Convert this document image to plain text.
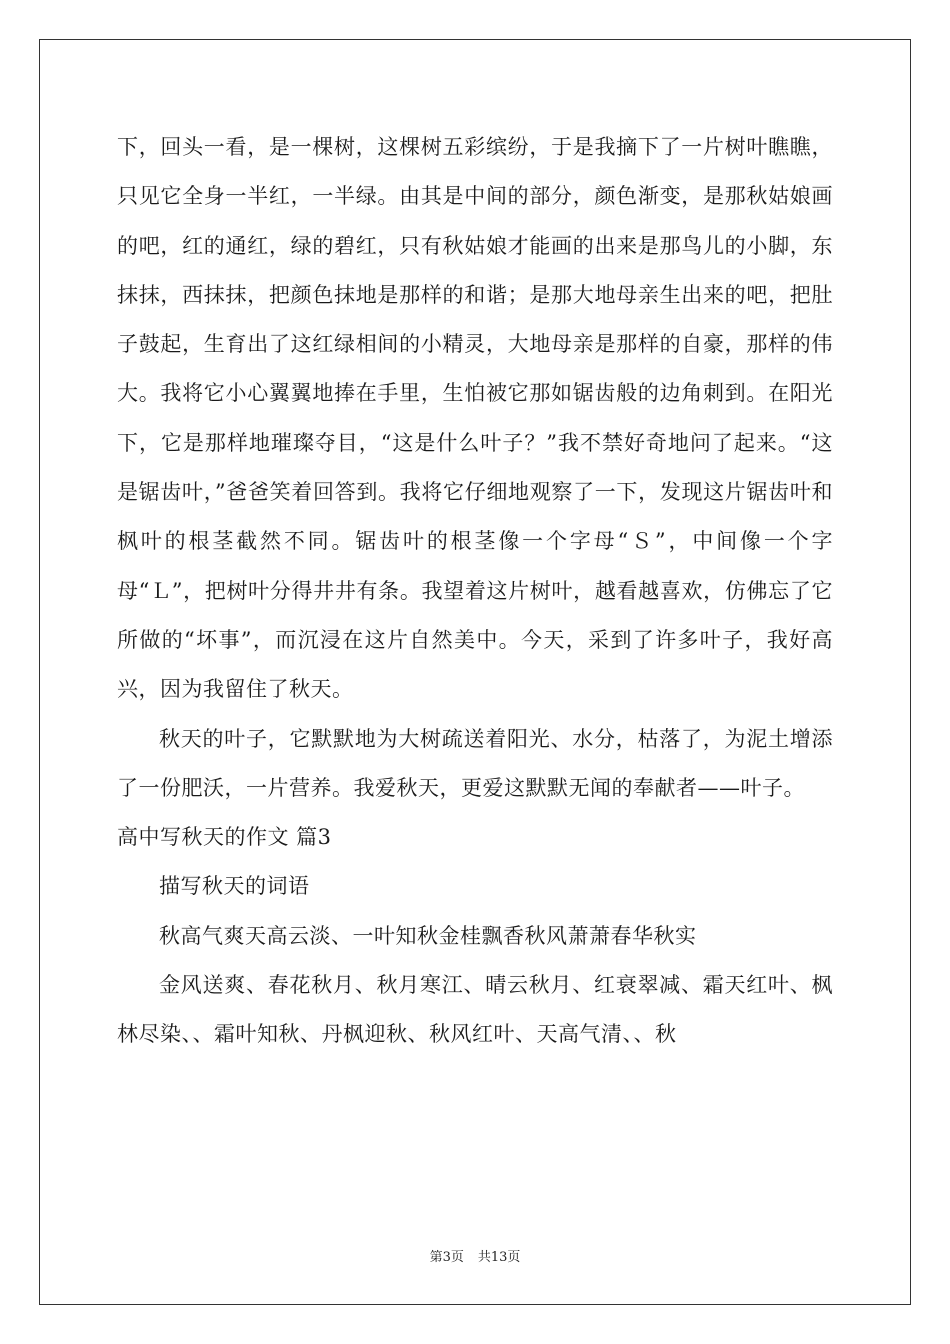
下，回头一看，是一棵树，这棵树五彩缤纷，于是我摘下了一片树叶瞧瞧，只见它全身一半红，一半绿。由其是中间的部分，颜色渐变，是那秋姑娘画的吧，红的通红，绿的碧红，只有秋姑娘才能画的出来是那鸟儿的小脚，东抹抹，西抹抹，把颜色抹地是那样的和谐；是那大地母亲生出来的吧，把肚子鼓起，生育出了这红绿相间的小精灵，大地母亲是那样的自豪，那样的伟大。我将它小心翼翼地捧在手里，生怕被它那如锯齿般的边角刺到。在阳光下，它是那样地璀璨夺目，“这是什么叶子？”我不禁好奇地问了起来。“这是锯齿叶，”爸爸笑着回答到。我将它仔细地观察了一下，发现这片锯齿叶和枫叶的根茎截然不同。锯齿叶的根茎像一个字母“Ｓ”，中间像一个字母“Ｌ”，把树叶分得井井有条。我望着这片树叶，越看越喜欢，仿佛忘了它所做的“坏事”，而沉浸在这片自然美中。今天，采到了许多叶子，我好高兴，因为我留住了秋天。

秋天的叶子，它默默地为大树疏送着阳光、水分，枯落了，为泥土增添了一份肥沃，一片营养。我爱秋天，更爱这默默无闻的奉献者——叶子。

高中写秋天的作文 篇3

描写秋天的词语

秋高气爽天高云淡、一叶知秋金桂飘香秋风萧萧春华秋实

金风送爽、春花秋月、秋月寒江、晴云秋月、红衰翠减、霜天红叶、枫林尽染、、霜叶知秋、丹枫迎秋、秋风红叶、天高气清、、秋

第3页 共13页
